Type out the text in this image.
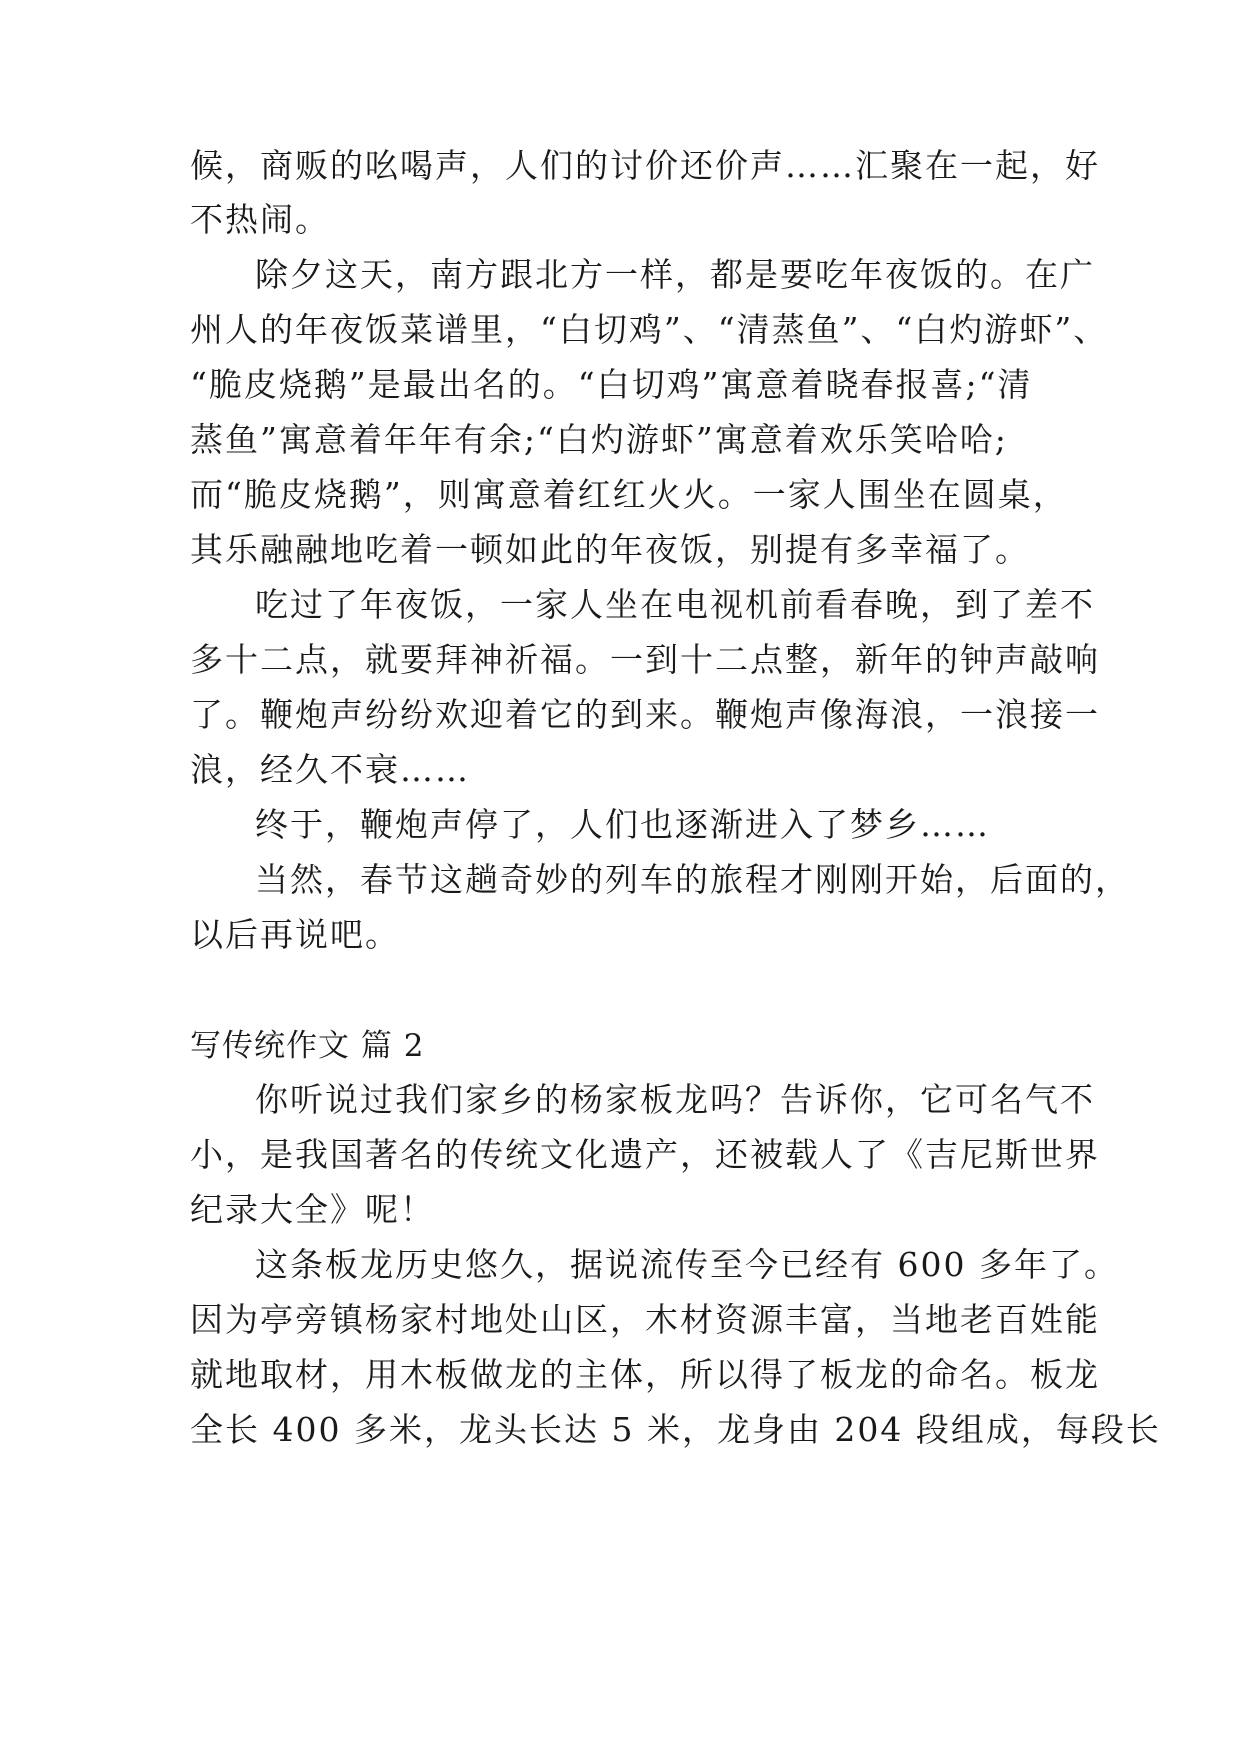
候，商贩的吆喝声，人们的讨价还价声……汇聚在一起，好
不热闹。
除夕这天，南方跟北方一样，都是要吃年夜饭的。在广
州人的年夜饭菜谱里，“白切鸡”、“清蒸鱼”、“白灼游虾”、
“脆皮烧鹅”是最出名的。“白切鸡”寓意着晓春报喜;“清
蒸鱼”寓意着年年有余;“白灼游虾”寓意着欢乐笑哈哈;
而“脆皮烧鹅”，则寓意着红红火火。一家人围坐在圆桌，
其乐融融地吃着一顿如此的年夜饭，别提有多幸福了。
吃过了年夜饭，一家人坐在电视机前看春晚，到了差不
多十二点，就要拜神祈福。一到十二点整，新年的钟声敲响
了。鞭炮声纷纷欢迎着它的到来。鞭炮声像海浪，一浪接一
浪，经久不衰……
终于，鞭炮声停了，人们也逐渐进入了梦乡……
当然，春节这趟奇妙的列车的旅程才刚刚开始，后面的，
以后再说吧。
写传统作文 篇 2
你听说过我们家乡的杨家板龙吗？告诉你，它可名气不
小，是我国著名的传统文化遗产，还被载人了《吉尼斯世界
纪录大全》呢！
这条板龙历史悠久，据说流传至今已经有 600 多年了。
因为亭旁镇杨家村地处山区，木材资源丰富，当地老百姓能
就地取材，用木板做龙的主体，所以得了板龙的命名。板龙
全长 400 多米，龙头长达 5 米，龙身由 204 段组成，每段长
